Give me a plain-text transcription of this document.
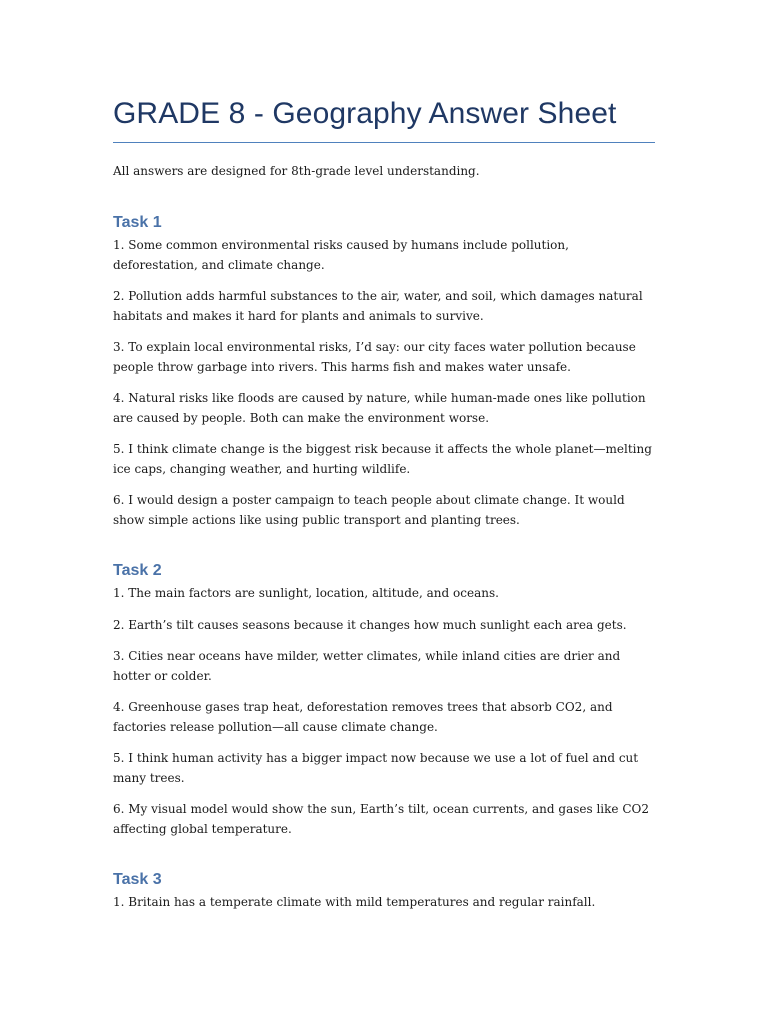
GRADE 8 - Geography Answer Sheet

All answers are designed for 8th-grade level understanding.

Task 1

1. Some common environmental risks caused by humans include pollution, deforestation, and climate change.

2. Pollution adds harmful substances to the air, water, and soil, which damages natural habitats and makes it hard for plants and animals to survive.

3. To explain local environmental risks, I’d say: our city faces water pollution because people throw garbage into rivers. This harms fish and makes water unsafe.

4. Natural risks like floods are caused by nature, while human-made ones like pollution are caused by people. Both can make the environment worse.

5. I think climate change is the biggest risk because it affects the whole planet—melting ice caps, changing weather, and hurting wildlife.

6. I would design a poster campaign to teach people about climate change. It would show simple actions like using public transport and planting trees.

Task 2

1. The main factors are sunlight, location, altitude, and oceans.

2. Earth’s tilt causes seasons because it changes how much sunlight each area gets.

3. Cities near oceans have milder, wetter climates, while inland cities are drier and hotter or colder.

4. Greenhouse gases trap heat, deforestation removes trees that absorb CO2, and factories release pollution—all cause climate change.

5. I think human activity has a bigger impact now because we use a lot of fuel and cut many trees.

6. My visual model would show the sun, Earth’s tilt, ocean currents, and gases like CO2 affecting global temperature.

Task 3

1. Britain has a temperate climate with mild temperatures and regular rainfall.
